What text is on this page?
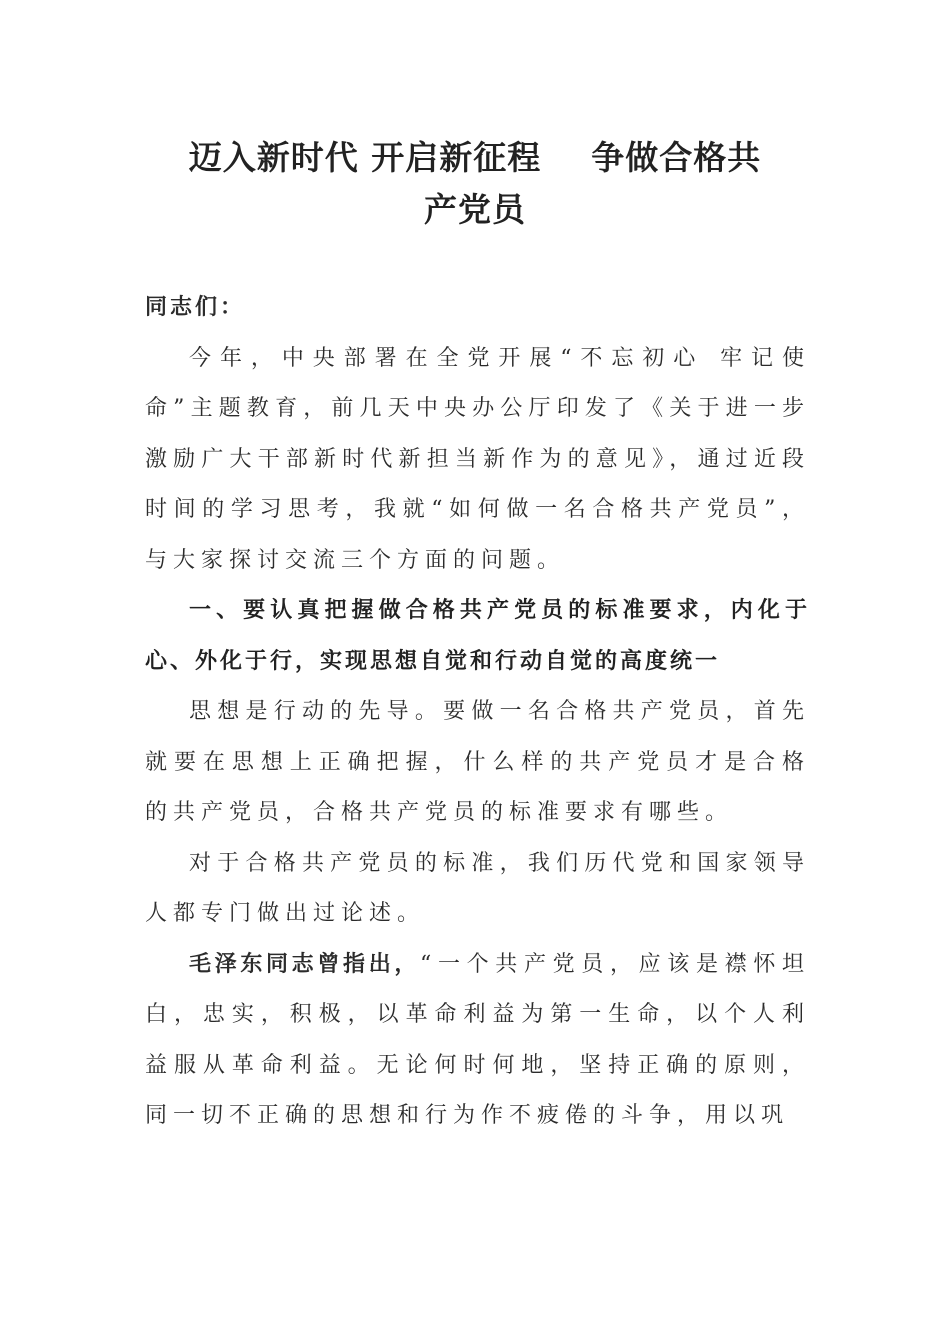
迈入新时代 开启新征程    争做合格共
产党员

同志们：

今年，中央部署在全党开展“不忘初心 牢记使命”主题教育，前几天中央办公厅印发了《关于进一步激励广大干部新时代新担当新作为的意见》，通过近段时间的学习思考，我就“如何做一名合格共产党员”，与大家探讨交流三个方面的问题。

一、要认真把握做合格共产党员的标准要求，内化于心、外化于行，实现思想自觉和行动自觉的高度统一

思想是行动的先导。要做一名合格共产党员，首先就要在思想上正确把握，什么样的共产党员才是合格的共产党员，合格共产党员的标准要求有哪些。

对于合格共产党员的标准，我们历代党和国家领导人都专门做出过论述。

毛泽东同志曾指出，“一个共产党员，应该是襟怀坦白，忠实，积极，以革命利益为第一生命，以个人利益服从革命利益。无论何时何地，坚持正确的原则，同一切不正确的思想和行为作不疲倦的斗争，用以巩
